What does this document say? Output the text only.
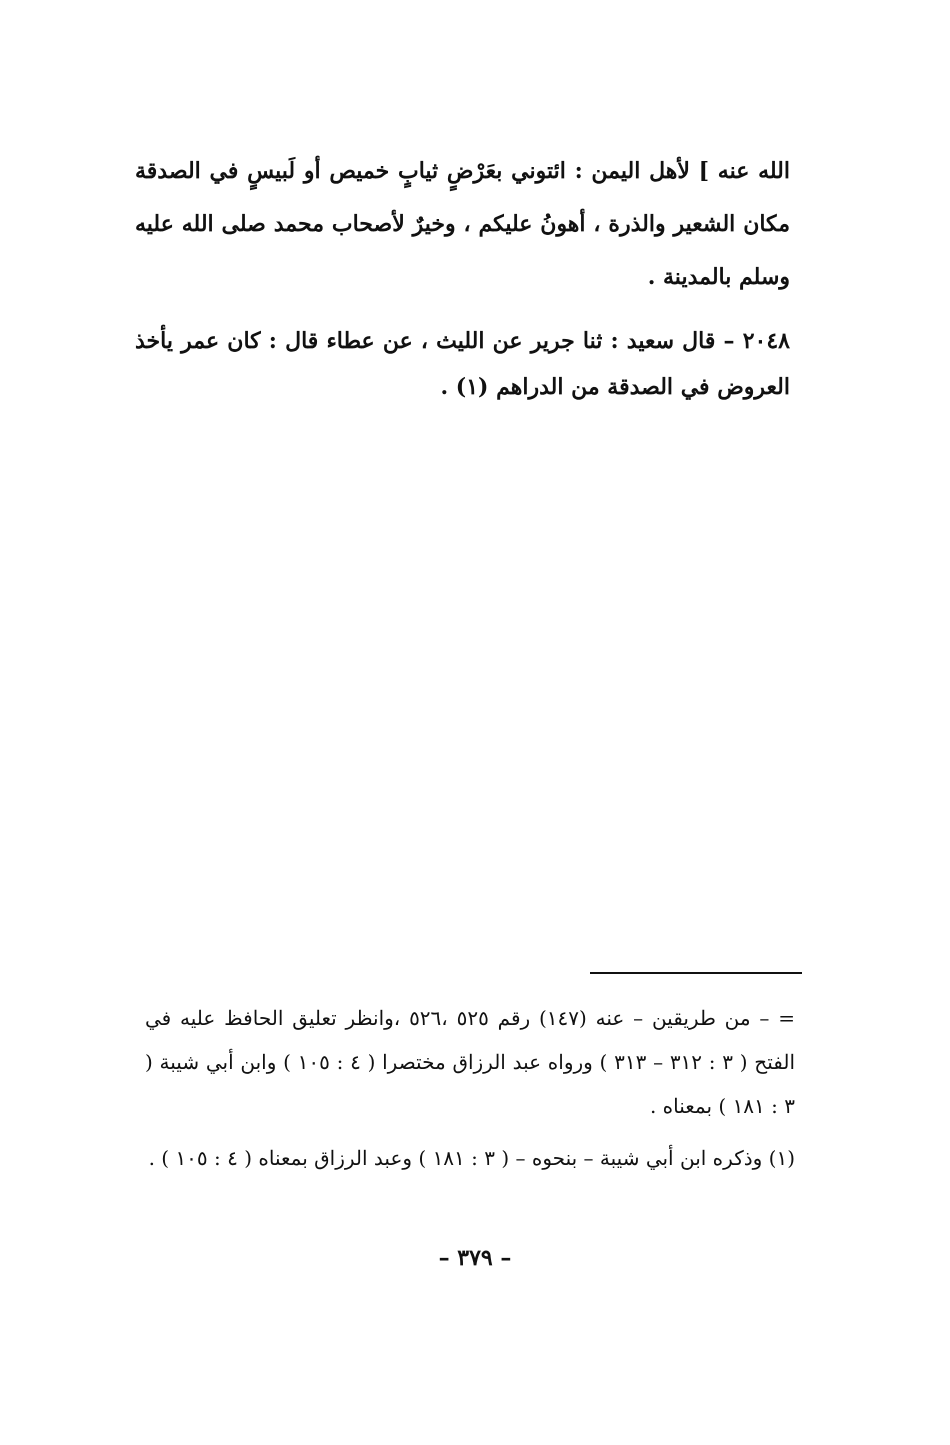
الله عنه ] لأهل اليمن : ائتوني بعَرْضٍ ثيابٍ خميص أو لَبيسٍ في الصدقة مكان الشعير والذرة ، أهونُ عليكم ، وخيرٌ لأصحاب محمد صلى الله عليه وسلم بالمدينة .

٢٠٤٨ – قال سعيد : ثنا جرير عن الليث ، عن عطاء قال : كان عمر يأخذ العروض في الصدقة من الدراهم (١) .

= – من طريقين – عنه (١٤٧) رقم ٥٢٥ ،٥٢٦ ،وانظر تعليق الحافظ عليه في الفتح ( ٣ : ٣١٢ – ٣١٣ ) ورواه عبد الرزاق مختصرا ( ٤ : ١٠٥ ) وابن أبي شيبة ( ٣ : ١٨١ ) بمعناه .

(١) وذكره ابن أبي شيبة – بنحوه – ( ٣ : ١٨١ ) وعبد الرزاق بمعناه ( ٤ : ١٠٥ ) .

– ٣٧٩ –
